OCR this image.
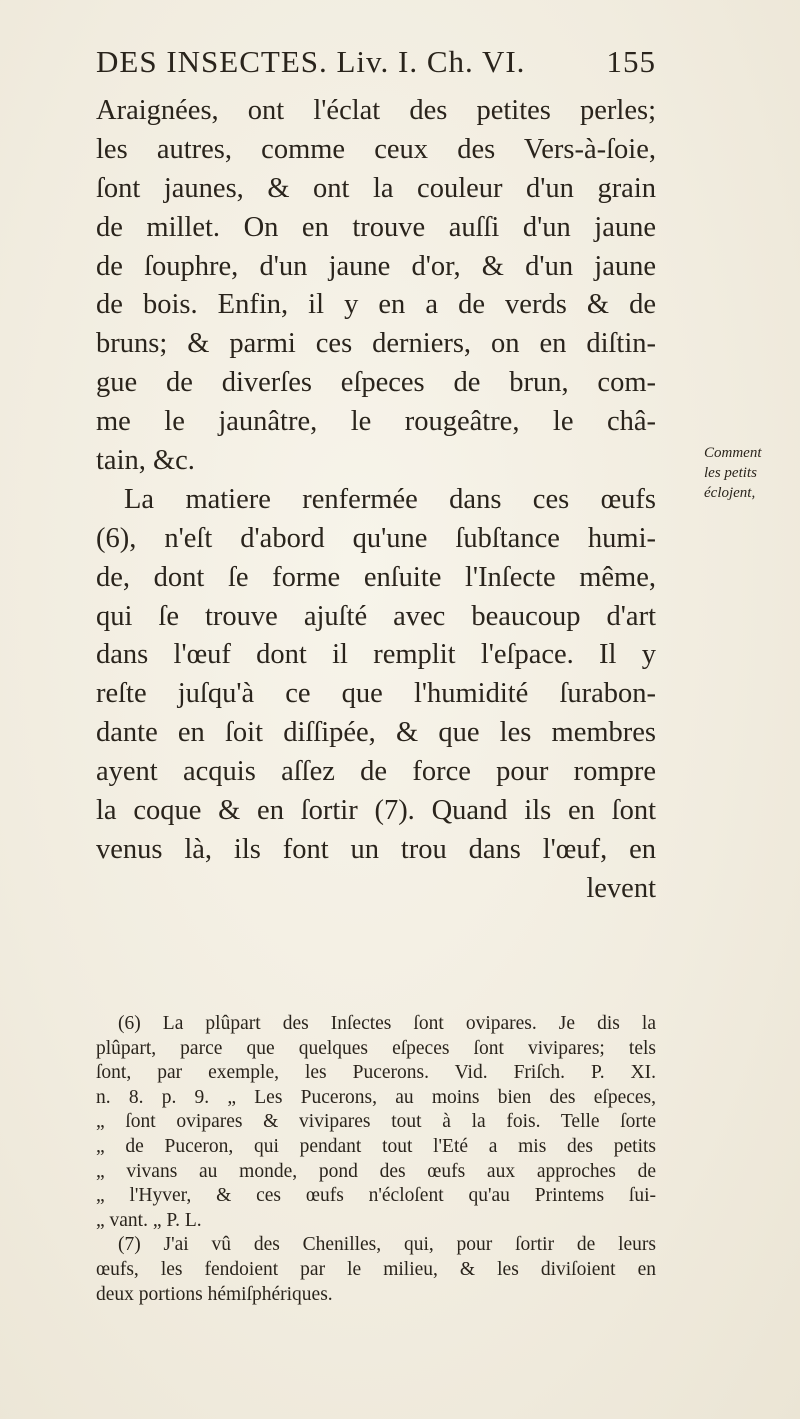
DES INSECTES. Liv. I. Ch. VI.	155
Araignées, ont l'éclat des petites perles;
les autres, comme ceux des Vers-à-ſoie,
ſont jaunes, & ont la couleur d'un grain
de millet. On en trouve auſſi d'un jaune
de ſouphre, d'un jaune d'or, & d'un jaune
de bois. Enfin, il y en a de verds & de
bruns; & parmi ces derniers, on en diſtin-
gue de diverſes eſpeces de brun, com-
me le jaunâtre, le rougeâtre, le châ-
tain, &c.
La matiere renfermée dans ces œufs
(6), n'eſt d'abord qu'une ſubſtance humi-
de, dont ſe forme enſuite l'Inſecte même,
qui ſe trouve ajuſté avec beaucoup d'art
dans l'œuf dont il remplit l'eſpace. Il y
reſte juſqu'à ce que l'humidité ſurabon-
dante en ſoit diſſipée, & que les membres
ayent acquis aſſez de force pour rompre
la coque & en ſortir (7). Quand ils en ſont
venus là, ils font un trou dans l'œuf, en
levent
Comment
les petits
éclojent,
(6) La plûpart des Inſectes ſont ovipares. Je dis la
plûpart, parce que quelques eſpeces ſont vivipares; tels
ſont, par exemple, les Pucerons. Vid. Friſch. P. XI.
n. 8. p. 9. „ Les Pucerons, au moins bien des eſpeces,
„ ſont ovipares & vivipares tout à la fois. Telle ſorte
„ de Puceron, qui pendant tout l'Eté a mis des petits
„ vivans au monde, pond des œufs aux approches de
„ l'Hyver, & ces œufs n'écloſent qu'au Printems ſui-
„ vant. „ P. L.
(7) J'ai vû des Chenilles, qui, pour ſortir de leurs
œufs, les fendoient par le milieu, & les diviſoient en
deux portions hémiſphériques.
